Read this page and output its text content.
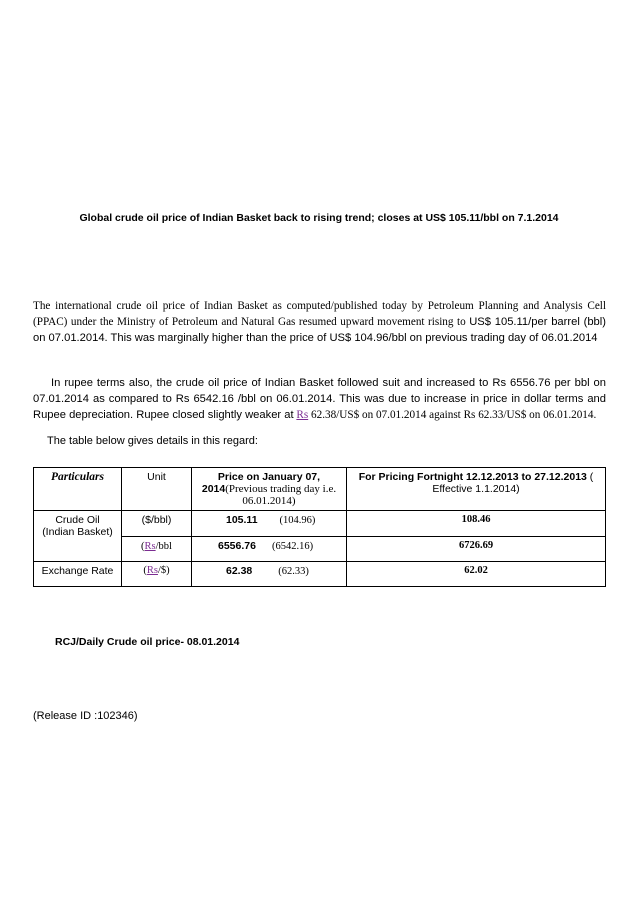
Global crude oil price of Indian Basket back to rising trend; closes at US$ 105.11/bbl on 7.1.2014
The international crude oil price of Indian Basket as computed/published today by Petroleum Planning and Analysis Cell (PPAC) under the Ministry of Petroleum and Natural Gas resumed upward movement rising to US$ 105.11/per barrel (bbl) on 07.01.2014. This was marginally higher than the price of US$ 104.96/bbl on previous trading day of 06.01.2014
In rupee terms also, the crude oil price of Indian Basket followed suit and increased to Rs 6556.76 per bbl on 07.01.2014 as compared to Rs 6542.16 /bbl on 06.01.2014. This was due to increase in price in dollar terms and Rupee depreciation. Rupee closed slightly weaker at Rs 62.38/US$ on 07.01.2014 against Rs 62.33/US$ on 06.01.2014.
The table below gives details in this regard:
Particulars	Unit	Price on January 07, 2014(Previous trading day i.e. 06.01.2014)	For Pricing Fortnight 12.12.2013 to 27.12.2013 ( Effective 1.1.2014)
Crude Oil (Indian Basket)	($/bbl)	105.11 (104.96)	108.46
	(Rs/bbl	6556.76 (6542.16)	6726.69
Exchange Rate	(Rs/$)	62.38 (62.33)	62.02
RCJ/Daily Crude oil price- 08.01.2014
(Release ID :102346)
